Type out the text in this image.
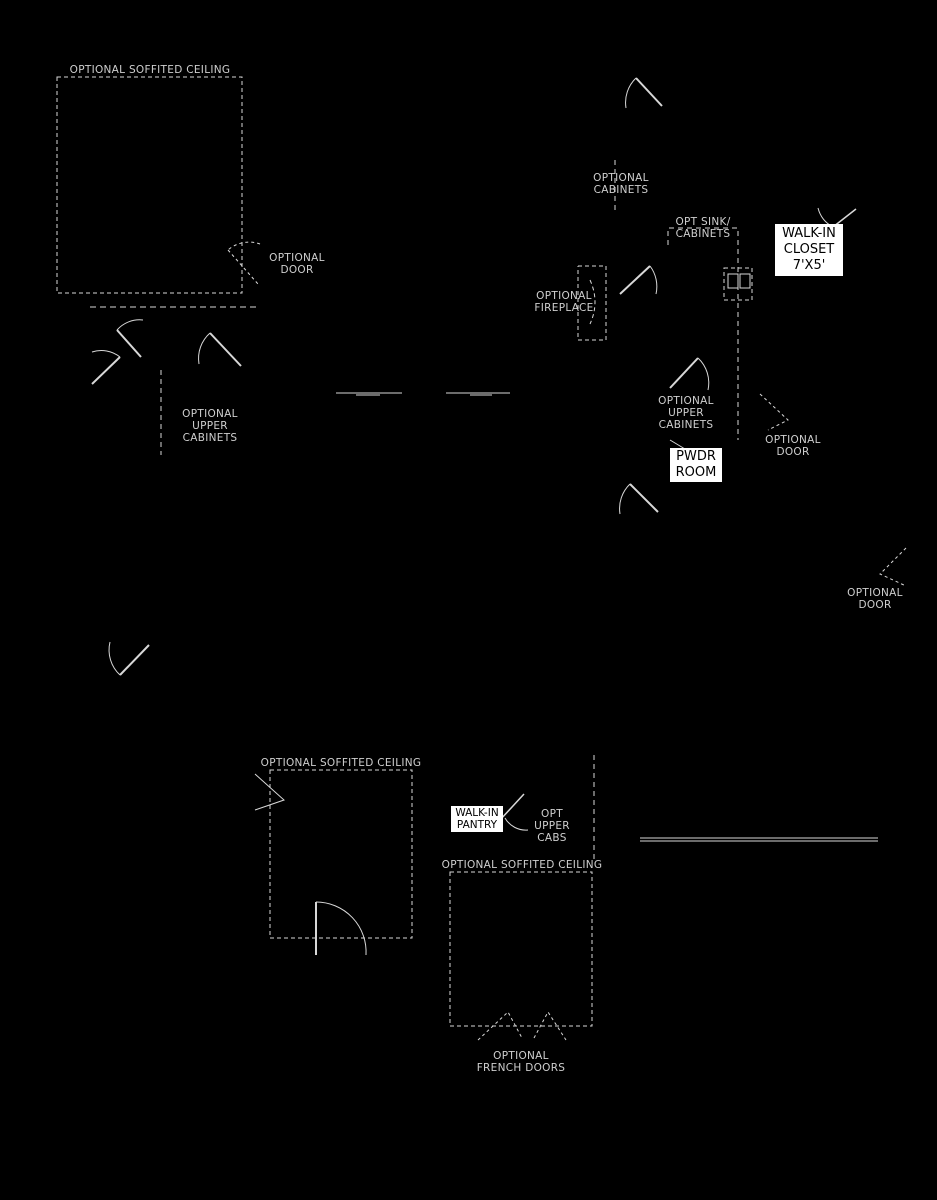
OPTIONAL SOFFITED CEILING
OPTIONAL
DOOR
OPTIONAL
UPPER
CABINETS
OPTIONAL
CABINETS
OPT SINK/
CABINETS
OPTIONAL
FIREPLACE
OPTIONAL
UPPER
CABINETS
OPTIONAL
DOOR
OPTIONAL
DOOR
OPTIONAL SOFFITED CEILING
OPT
UPPER
CABS
OPTIONAL SOFFITED CEILING
OPTIONAL
FRENCH DOORS
WALK-IN
CLOSET
7'X5'
PWDR
ROOM
WALK-IN
PANTRY
